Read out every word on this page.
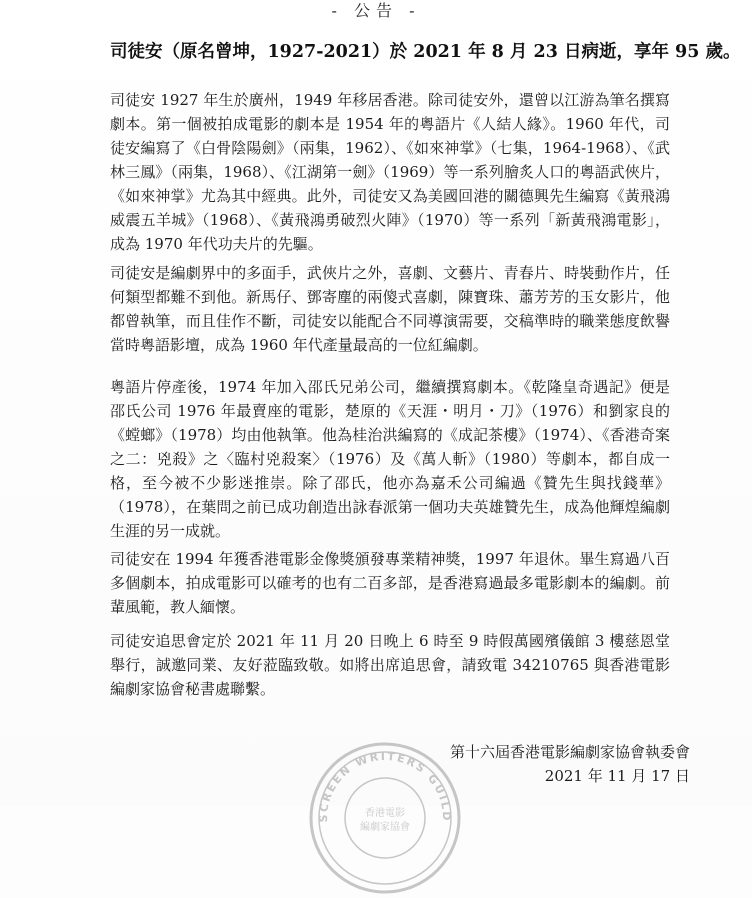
- 公告 -
司徒安（原名曾坤，1927-2021）於 2021 年 8 月 23 日病逝，享年 95 歲。

司徒安 1927 年生於廣州，1949 年移居香港。除司徒安外，還曾以江游為筆名撰寫劇本。第一個被拍成電影的劇本是 1954 年的粵語片《人結人緣》。1960 年代，司徒安編寫了《白骨陰陽劍》（兩集，1962）、《如來神掌》（七集，1964-1968）、《武林三鳳》（兩集，1968）、《江湖第一劍》（1969）等一系列膾炙人口的粵語武俠片，《如來神掌》尤為其中經典。此外，司徒安又為美國回港的關德興先生編寫《黃飛鴻威震五羊城》（1968）、《黃飛鴻勇破烈火陣》（1970）等一系列「新黃飛鴻電影」，成為 1970 年代功夫片的先驅。

司徒安是編劇界中的多面手，武俠片之外，喜劇、文藝片、青春片、時裝動作片，任何類型都難不到他。新馬仔、鄧寄塵的兩傻式喜劇，陳寶珠、蕭芳芳的玉女影片，他都曾執筆，而且佳作不斷，司徒安以能配合不同導演需要，交稿準時的職業態度飲譽當時粵語影壇，成為 1960 年代產量最高的一位紅編劇。

粵語片停產後，1974 年加入邵氏兄弟公司，繼續撰寫劇本。《乾隆皇奇遇記》便是邵氏公司 1976 年最賣座的電影，楚原的《天涯・明月・刀》（1976）和劉家良的《螳螂》（1978）均由他執筆。他為桂治洪編寫的《成記茶樓》（1974）、《香港奇案之二：兇殺》之〈臨村兇殺案〉（1976）及《萬人斬》（1980）等劇本，都自成一格，至今被不少影迷推崇。除了邵氏，他亦為嘉禾公司編過《贊先生與找錢華》（1978），在葉問之前已成功創造出詠春派第一個功夫英雄贊先生，成為他輝煌編劇生涯的另一成就。

司徒安在 1994 年獲香港電影金像獎頒發專業精神獎，1997 年退休。畢生寫過八百多個劇本，拍成電影可以確考的也有二百多部，是香港寫過最多電影劇本的編劇。前輩風範，教人緬懷。

司徒安追思會定於 2021 年 11 月 20 日晚上 6 時至 9 時假萬國殯儀館 3 樓慈恩堂舉行，誠邀同業、友好蒞臨致敬。如將出席追思會，請致電 34210765 與香港電影編劇家協會秘書處聯繫。

SCREEN WRITERS GUILD
香港電影
編劇家協會
第十六屆香港電影編劇家協會執委會
2021 年 11 月 17 日
